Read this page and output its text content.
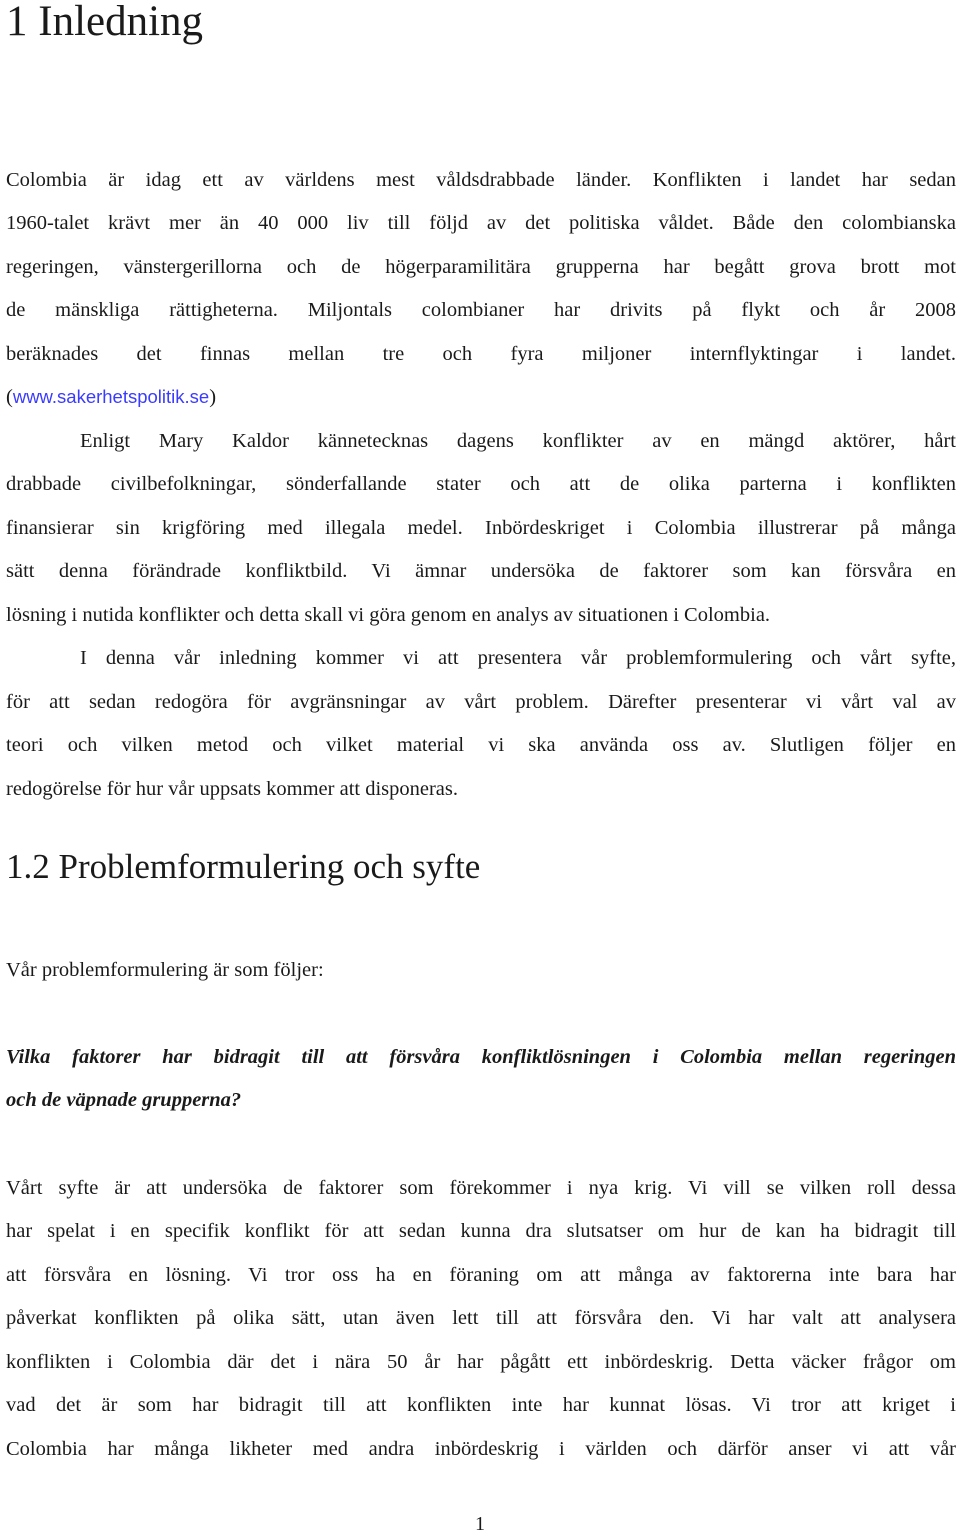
1 Inledning
Colombia är idag ett av världens mest våldsdrabbade länder. Konflikten i landet har sedan
1960-talet krävt mer än 40 000 liv till följd av det politiska våldet. Både den colombianska
regeringen, vänstergerillorna och de högerparamilitära grupperna har begått grova brott mot
de mänskliga rättigheterna. Miljontals colombianer har drivits på flykt och år 2008
beräknades det finnas mellan tre och fyra miljoner internflyktingar i landet.
(www.sakerhetspolitik.se)
Enligt Mary Kaldor kännetecknas dagens konflikter av en mängd aktörer, hårt
drabbade civilbefolkningar, sönderfallande stater och att de olika parterna i konflikten
finansierar sin krigföring med illegala medel. Inbördeskriget i Colombia illustrerar på många
sätt denna förändrade konfliktbild. Vi ämnar undersöka de faktorer som kan försvåra en
lösning i nutida konflikter och detta skall vi göra genom en analys av situationen i Colombia.
I denna vår inledning kommer vi att presentera vår problemformulering och vårt syfte,
för att sedan redogöra för avgränsningar av vårt problem. Därefter presenterar vi vårt val av
teori och vilken metod och vilket material vi ska använda oss av. Slutligen följer en
redogörelse för hur vår uppsats kommer att disponeras.
1.2 Problemformulering och syfte
Vår problemformulering är som följer:
Vilka faktorer har bidragit till att försvåra konfliktlösningen i Colombia mellan regeringen
och de väpnade grupperna?
Vårt syfte är att undersöka de faktorer som förekommer i nya krig. Vi vill se vilken roll dessa
har spelat i en specifik konflikt för att sedan kunna dra slutsatser om hur de kan ha bidragit till
att försvåra en lösning. Vi tror oss ha en föraning om att många av faktorerna inte bara har
påverkat konflikten på olika sätt, utan även lett till att försvåra den. Vi har valt att analysera
konflikten i Colombia där det i nära 50 år har pågått ett inbördeskrig. Detta väcker frågor om
vad det är som har bidragit till att konflikten inte har kunnat lösas. Vi tror att kriget i
Colombia har många likheter med andra inbördeskrig i världen och därför anser vi att vår
1
